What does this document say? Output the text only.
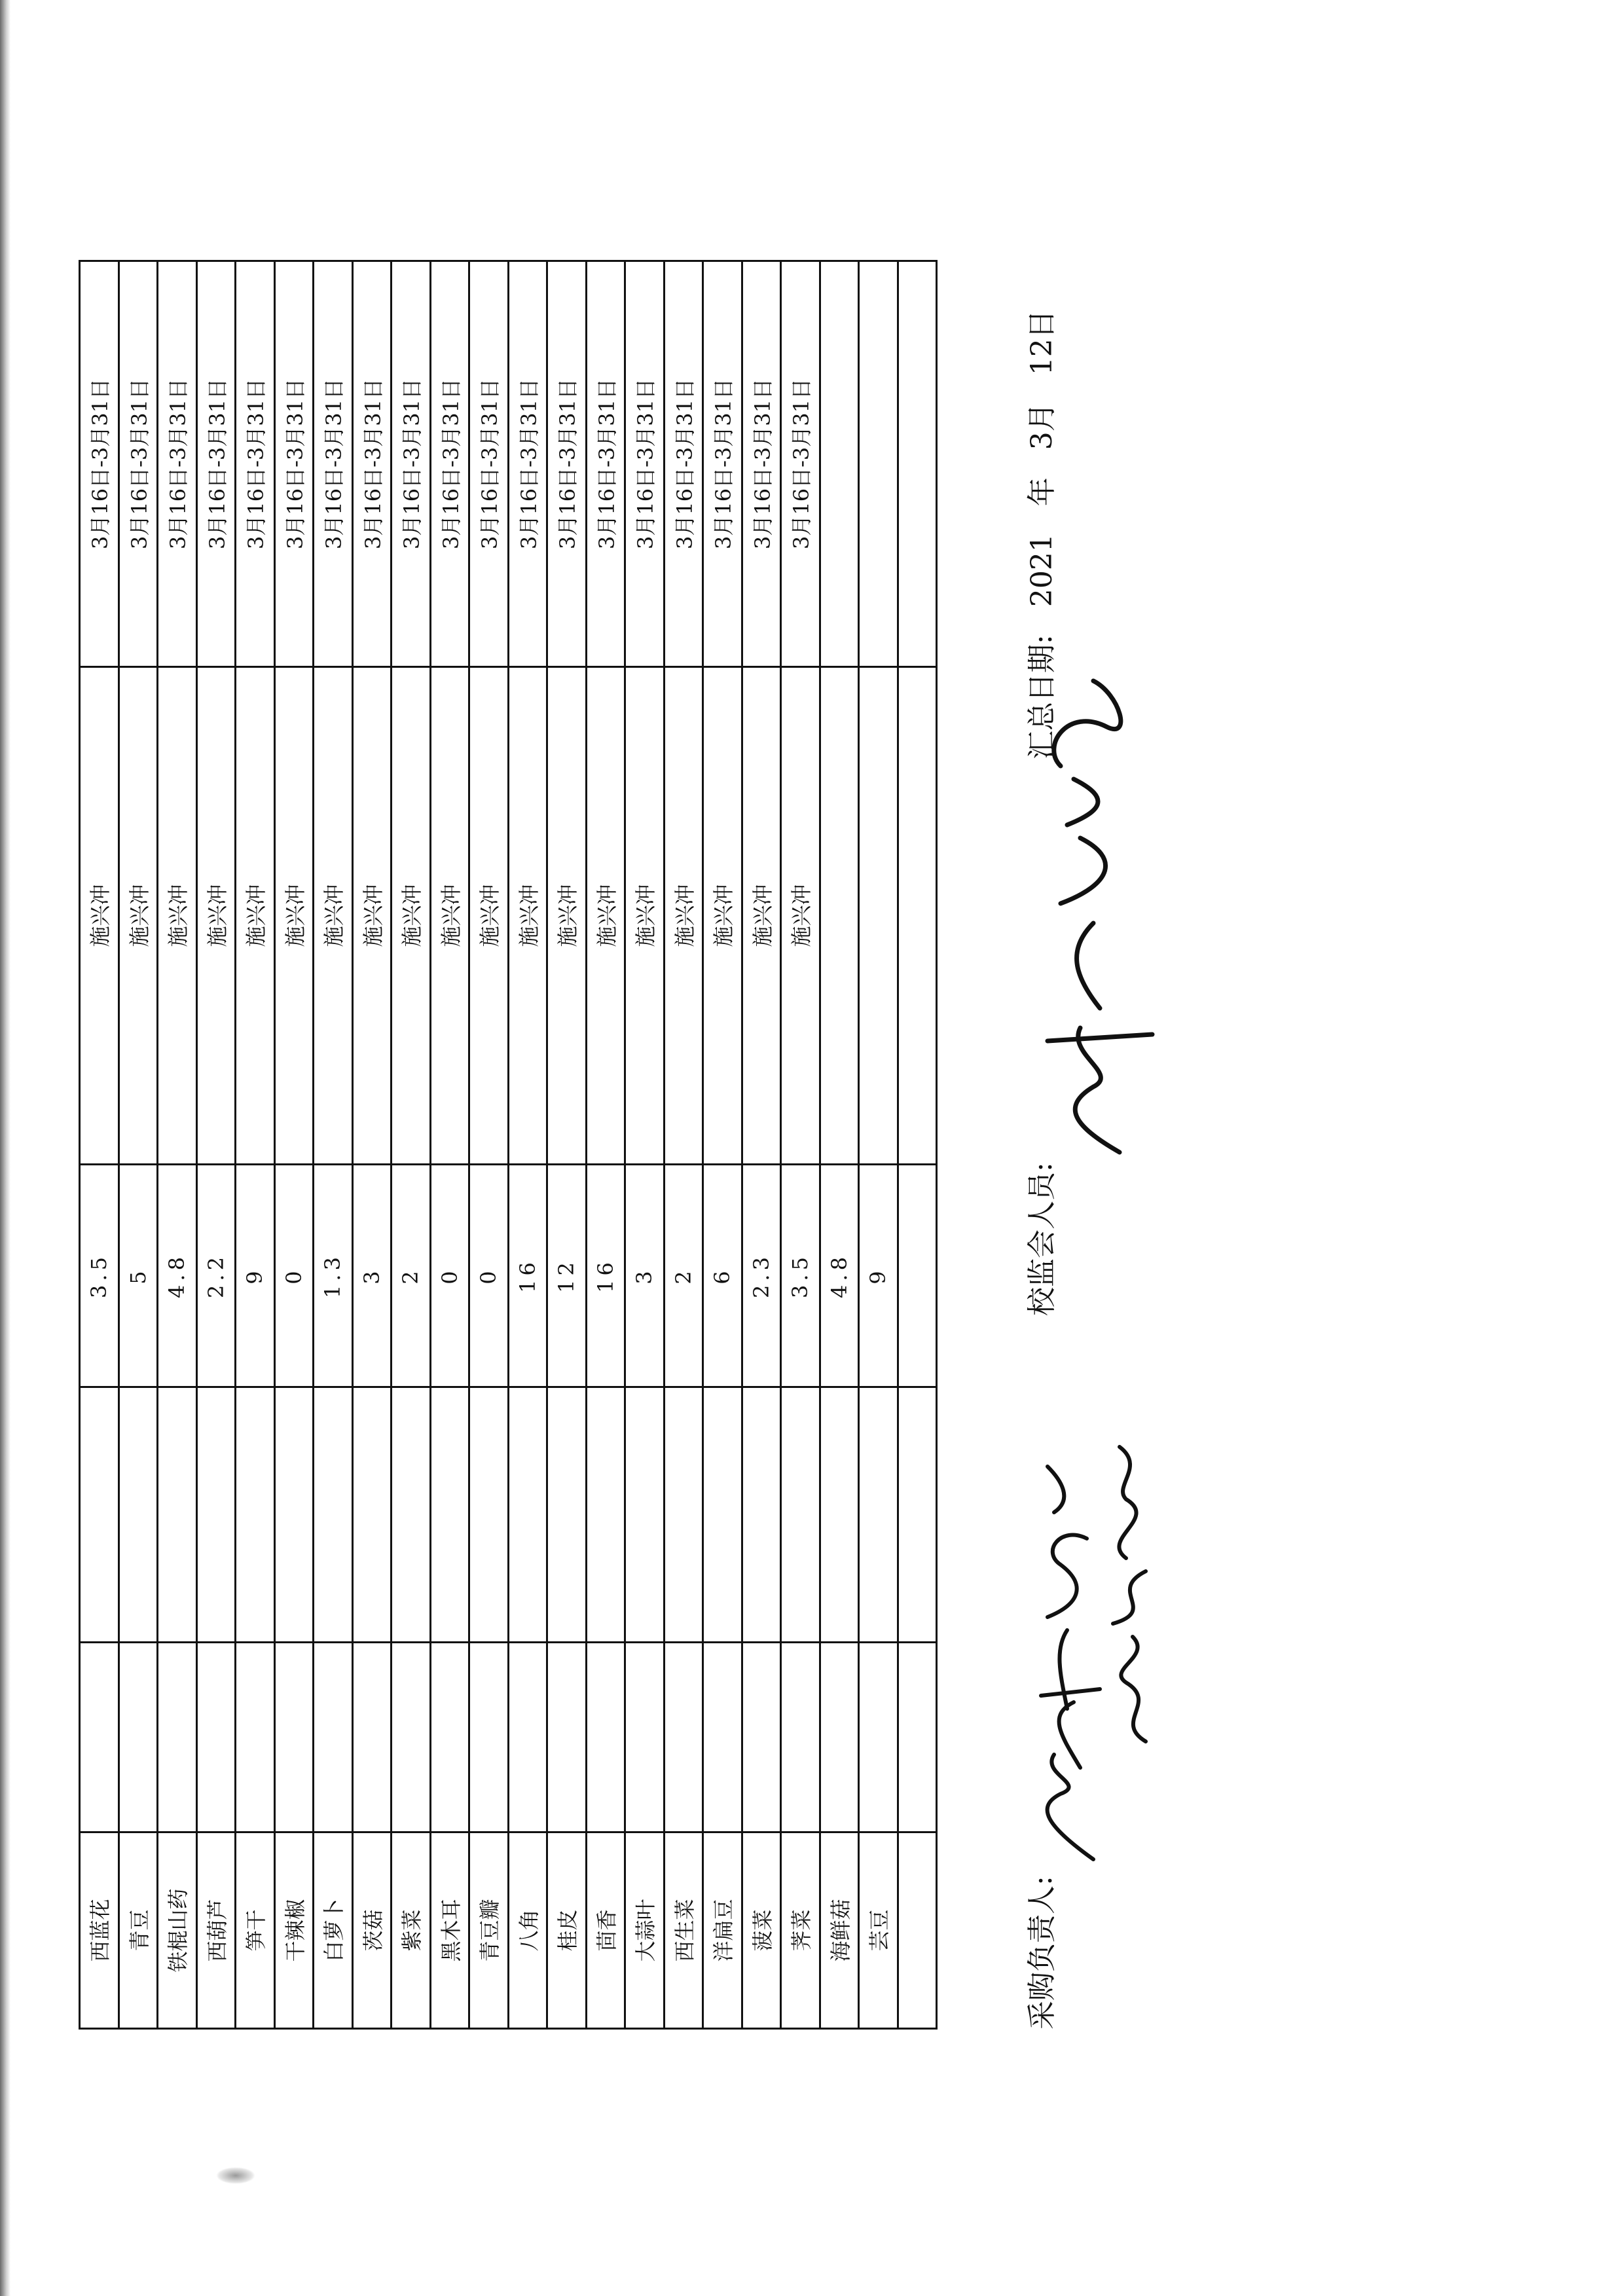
西蓝花			3.5	施兴冲	3月16日-3月31日
青豆			5	施兴冲	3月16日-3月31日
铁棍山药			4.8	施兴冲	3月16日-3月31日
西葫芦			2.2	施兴冲	3月16日-3月31日
笋干			9	施兴冲	3月16日-3月31日
干辣椒			0	施兴冲	3月16日-3月31日
白萝卜			1.3	施兴冲	3月16日-3月31日
茨菇			3	施兴冲	3月16日-3月31日
紫菜			2	施兴冲	3月16日-3月31日
黑木耳			0	施兴冲	3月16日-3月31日
青豆瓣			0	施兴冲	3月16日-3月31日
八角			16	施兴冲	3月16日-3月31日
桂皮			12	施兴冲	3月16日-3月31日
茴香			16	施兴冲	3月16日-3月31日
大蒜叶			3	施兴冲	3月16日-3月31日
西生菜			2	施兴冲	3月16日-3月31日
洋扁豆			6	施兴冲	3月16日-3月31日
菠菜			2.3	施兴冲	3月16日-3月31日
荠菜			3.5	施兴冲	3月16日-3月31日
海鲜菇			4.8		
芸豆			9		

采购负责人:
校监会人员:
汇总日期: 2021 年 3月 12日
